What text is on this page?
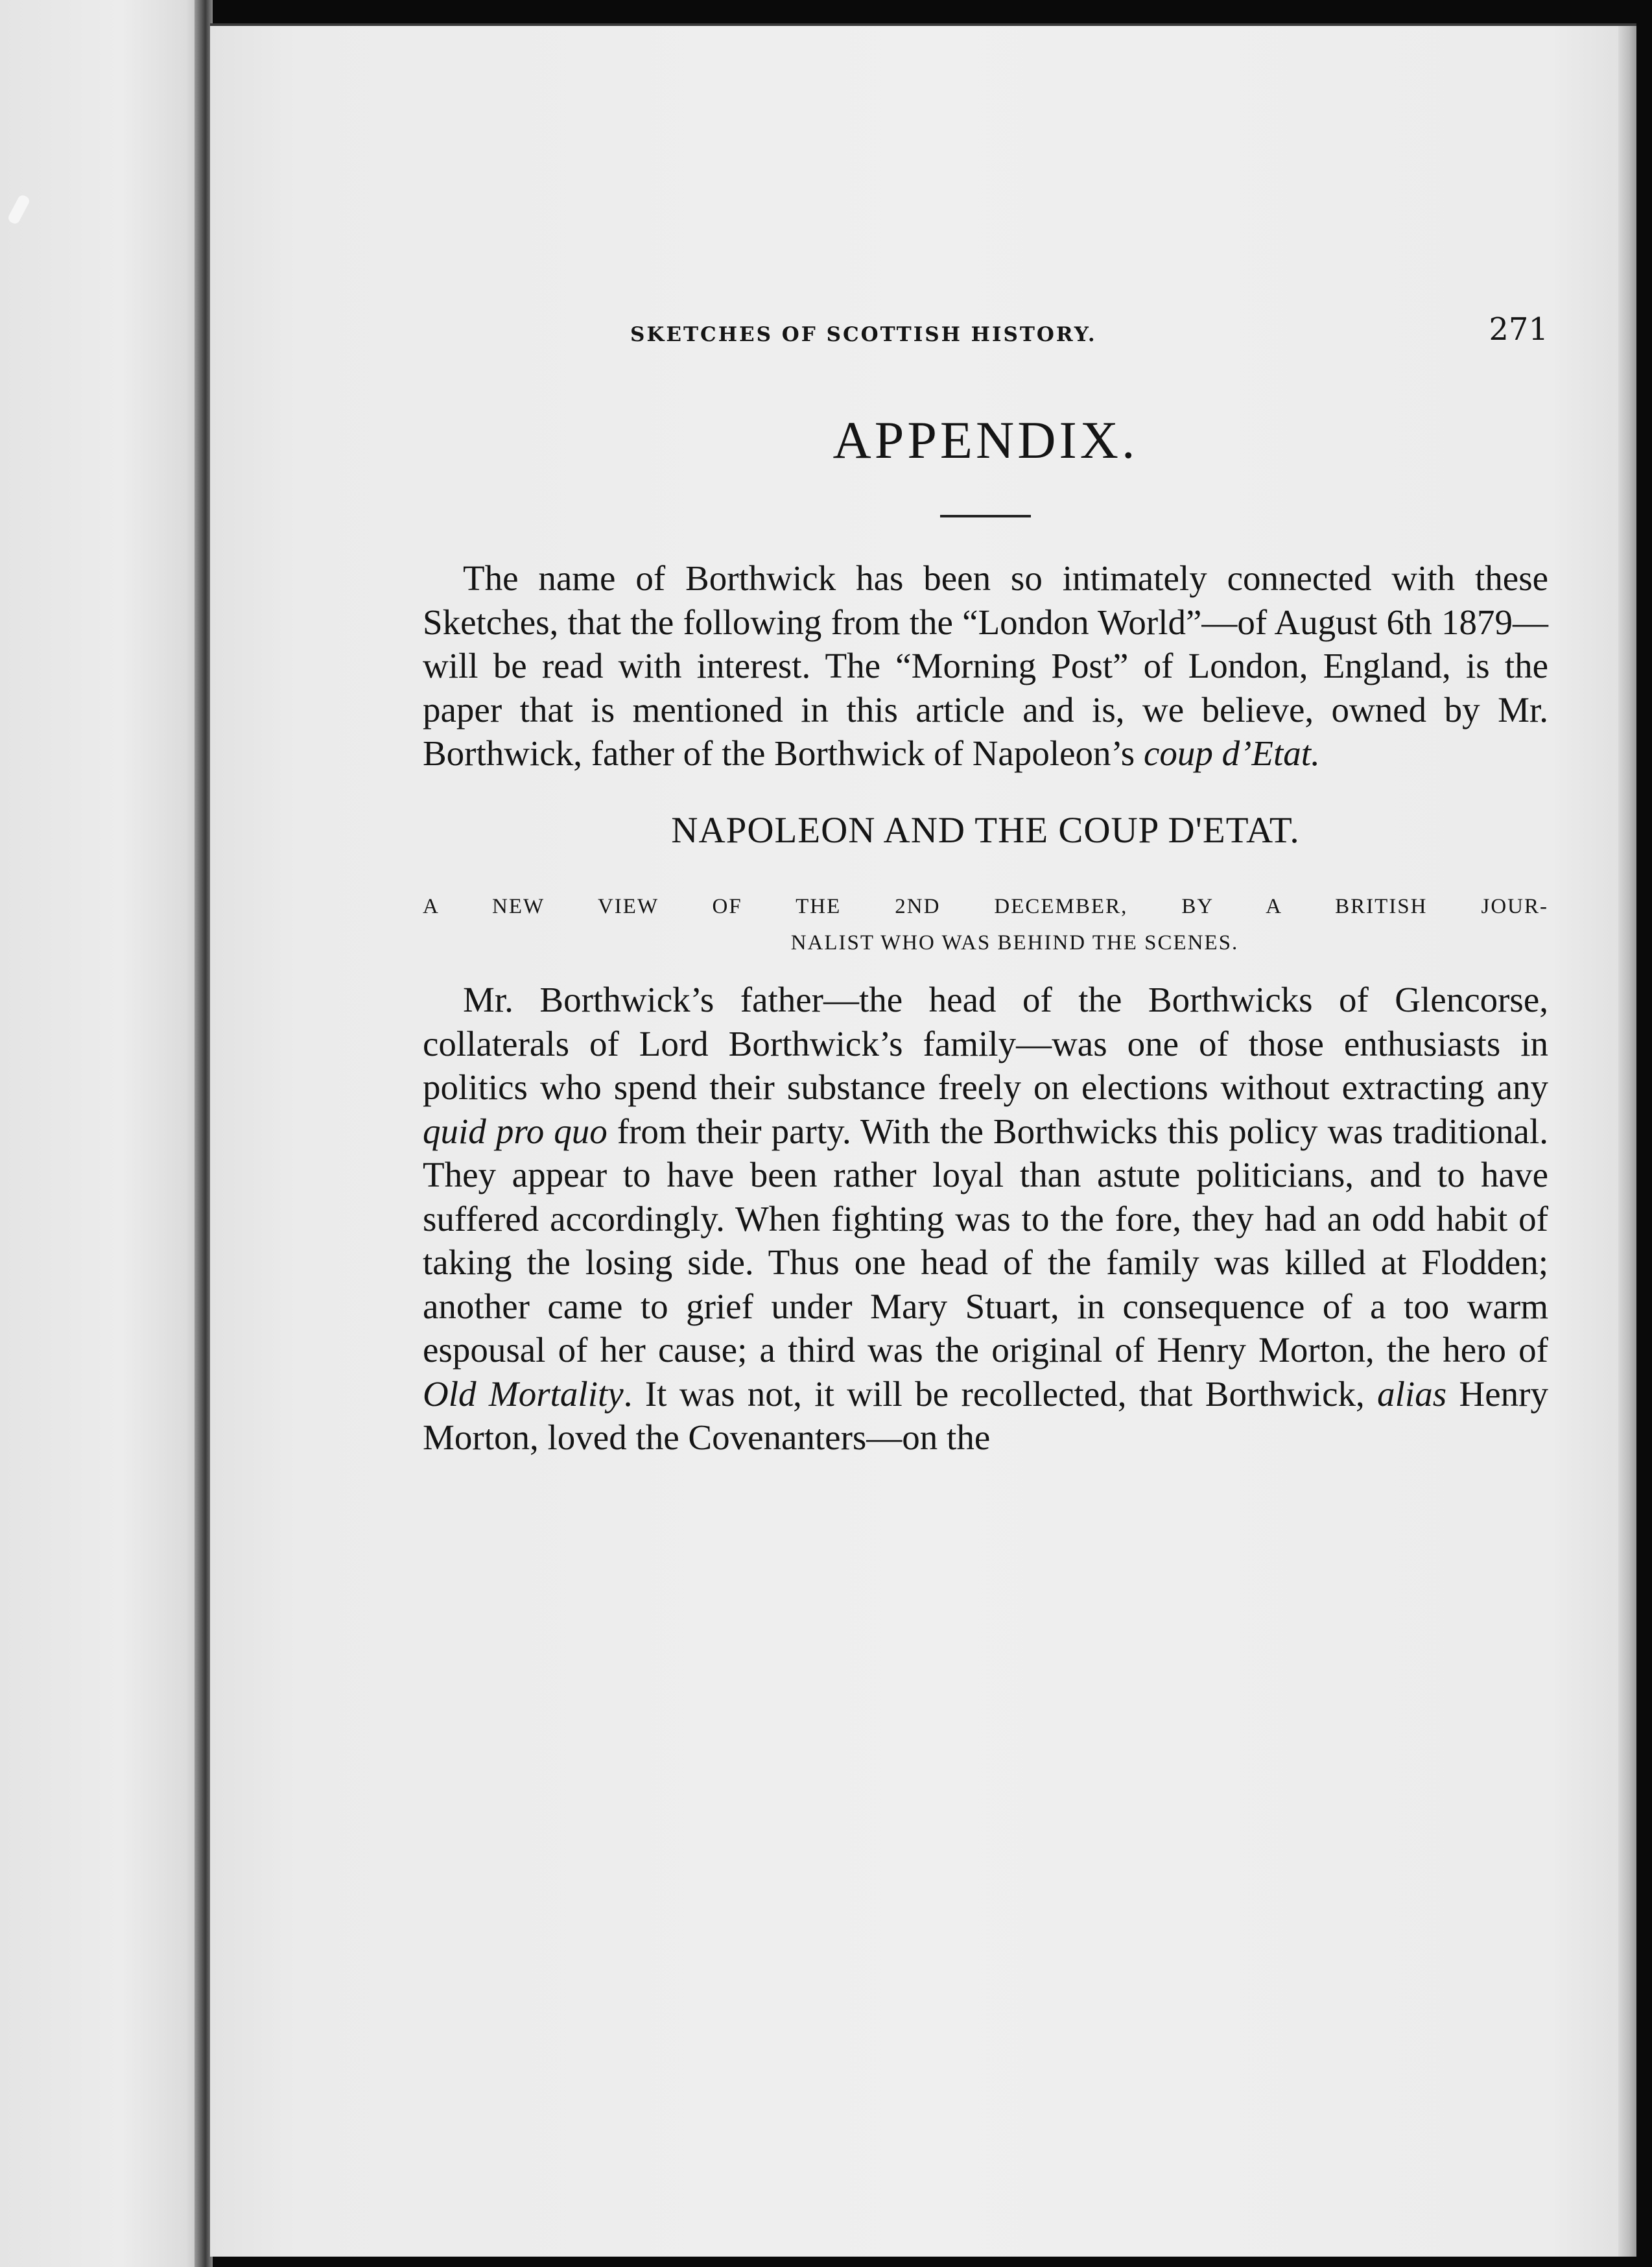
SKETCHES OF SCOTTISH HISTORY.	271
APPENDIX.

The name of Borthwick has been so intimately connected with these Sketches, that the following from the “London World”—of August 6th 1879— will be read with interest. The “Morning Post” of London, England, is the paper that is mentioned in this article and is, we believe, owned by Mr. Borthwick, father of the Borthwick of Napoleon’s coup d’Etat.

NAPOLEON AND THE COUP D'ETAT.
A NEW VIEW OF THE 2ND DECEMBER, BY A BRITISH JOUR-
NALIST WHO WAS BEHIND THE SCENES.

Mr. Borthwick’s father—the head of the Borthwicks of Glencorse, collaterals of Lord Borthwick’s family—was one of those enthusiasts in politics who spend their substance freely on elections without extracting any quid pro quo from their party. With the Borthwicks this policy was traditional. They appear to have been rather loyal than astute politicians, and to have suffered accordingly. When fighting was to the fore, they had an odd habit of taking the losing side. Thus one head of the family was killed at Flodden; another came to grief under Mary Stuart, in consequence of a too warm espousal of her cause; a third was the original of Henry Morton, the hero of Old Mortality. It was not, it will be recollected, that Borthwick, alias Henry Morton, loved the Covenanters—on the
